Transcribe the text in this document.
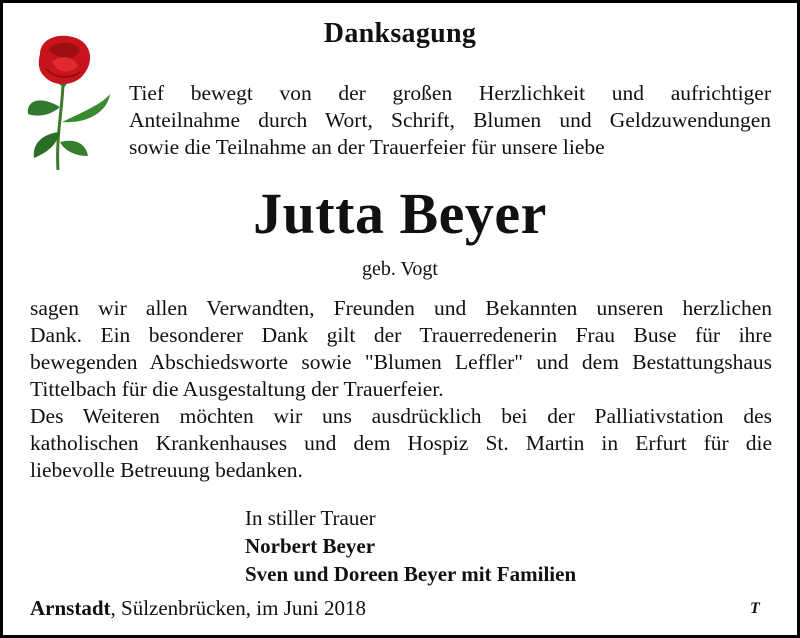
Danksagung
Tief bewegt von der großen Herzlichkeit und aufrichtiger
Anteilnahme durch Wort, Schrift, Blumen und Geldzuwendungen
sowie die Teilnahme an der Trauerfeier für unsere liebe
Jutta Beyer
geb. Vogt
sagen wir allen Verwandten, Freunden und Bekannten unseren herzlichen
Dank. Ein besonderer Dank gilt der Trauerredenerin Frau Buse für ihre
bewegenden Abschiedsworte sowie "Blumen Leffler" und dem Bestattungshaus
Tittelbach für die Ausgestaltung der Trauerfeier.
Des Weiteren möchten wir uns ausdrücklich bei der Palliativstation des
katholischen Krankenhauses und dem Hospiz St. Martin in Erfurt für die
liebevolle Betreuung bedanken.
In stiller Trauer
Norbert Beyer
Sven und Doreen Beyer mit Familien
Arnstadt, Sülzenbrücken, im Juni 2018	T
